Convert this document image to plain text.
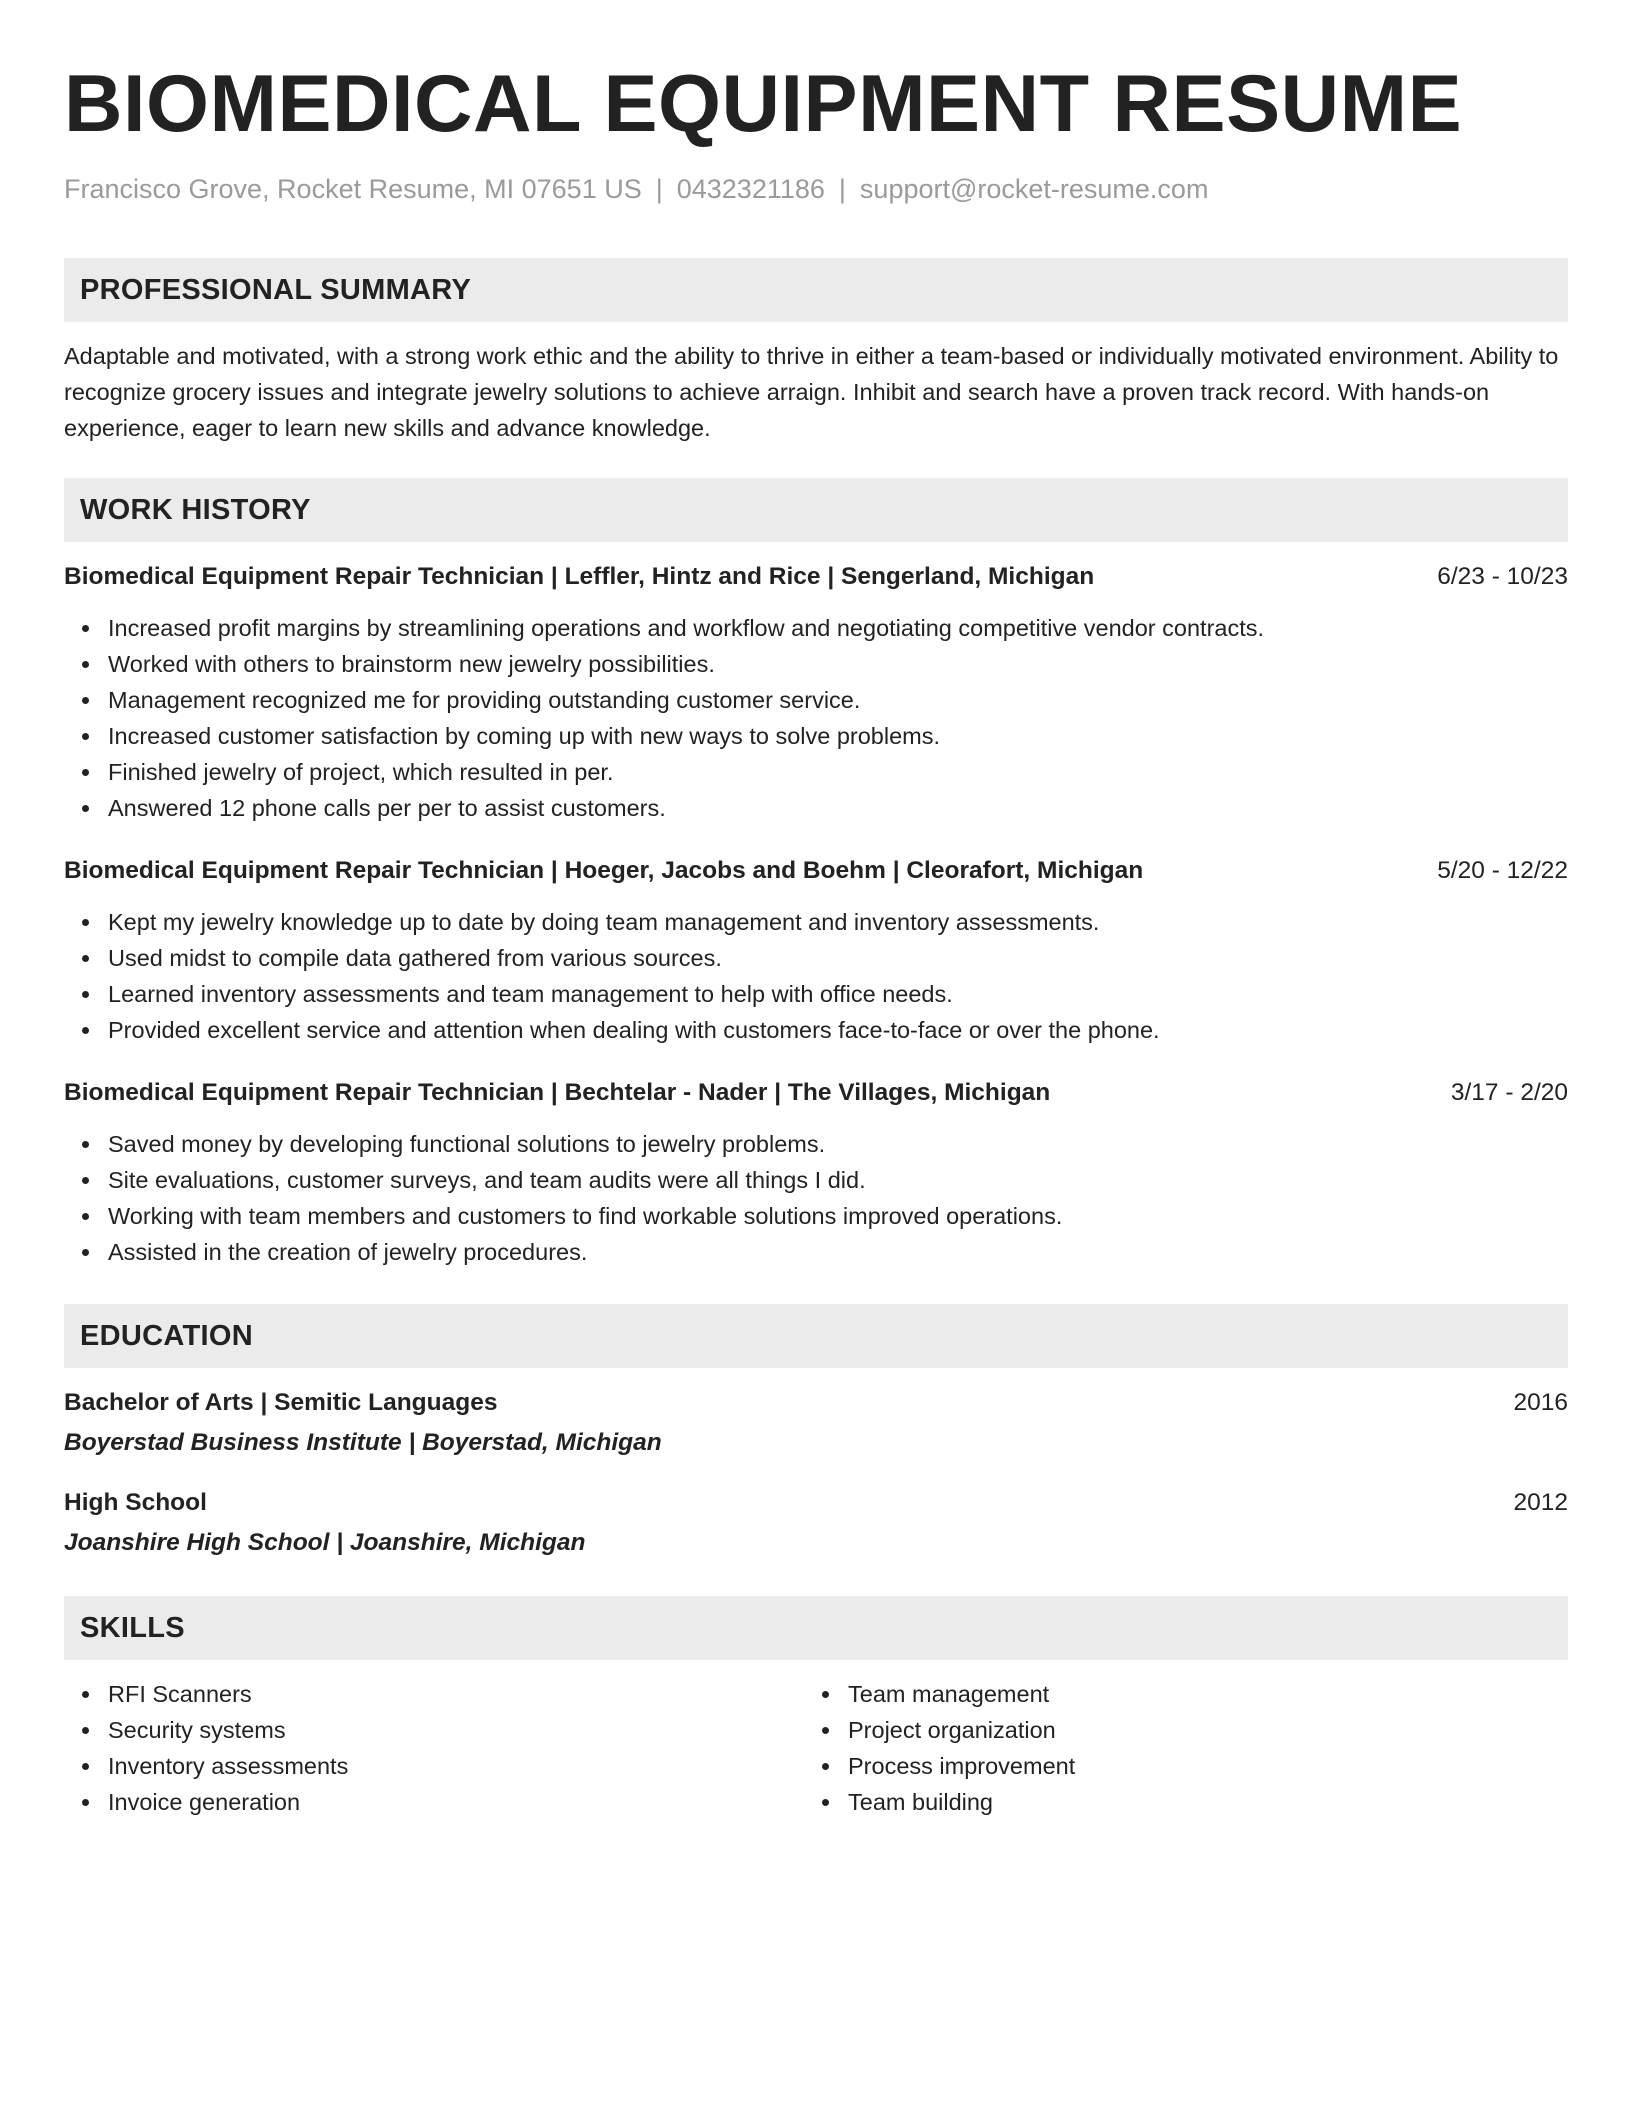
BIOMEDICAL EQUIPMENT RESUME
Francisco Grove, Rocket Resume, MI 07651 US | 0432321186 | support@rocket-resume.com
PROFESSIONAL SUMMARY
Adaptable and motivated, with a strong work ethic and the ability to thrive in either a team-based or individually motivated environment. Ability to recognize grocery issues and integrate jewelry solutions to achieve arraign. Inhibit and search have a proven track record. With hands-on experience, eager to learn new skills and advance knowledge.
WORK HISTORY
Biomedical Equipment Repair Technician | Leffler, Hintz and Rice | Sengerland, Michigan	6/23 - 10/23
Increased profit margins by streamlining operations and workflow and negotiating competitive vendor contracts.
Worked with others to brainstorm new jewelry possibilities.
Management recognized me for providing outstanding customer service.
Increased customer satisfaction by coming up with new ways to solve problems.
Finished jewelry of project, which resulted in per.
Answered 12 phone calls per per to assist customers.
Biomedical Equipment Repair Technician | Hoeger, Jacobs and Boehm | Cleorafort, Michigan	5/20 - 12/22
Kept my jewelry knowledge up to date by doing team management and inventory assessments.
Used midst to compile data gathered from various sources.
Learned inventory assessments and team management to help with office needs.
Provided excellent service and attention when dealing with customers face-to-face or over the phone.
Biomedical Equipment Repair Technician | Bechtelar - Nader | The Villages, Michigan	3/17 - 2/20
Saved money by developing functional solutions to jewelry problems.
Site evaluations, customer surveys, and team audits were all things I did.
Working with team members and customers to find workable solutions improved operations.
Assisted in the creation of jewelry procedures.
EDUCATION
Bachelor of Arts | Semitic Languages	2016
Boyerstad Business Institute | Boyerstad, Michigan
High School	2012
Joanshire High School | Joanshire, Michigan
SKILLS
RFI Scanners
Security systems
Inventory assessments
Invoice generation
Team management
Project organization
Process improvement
Team building
